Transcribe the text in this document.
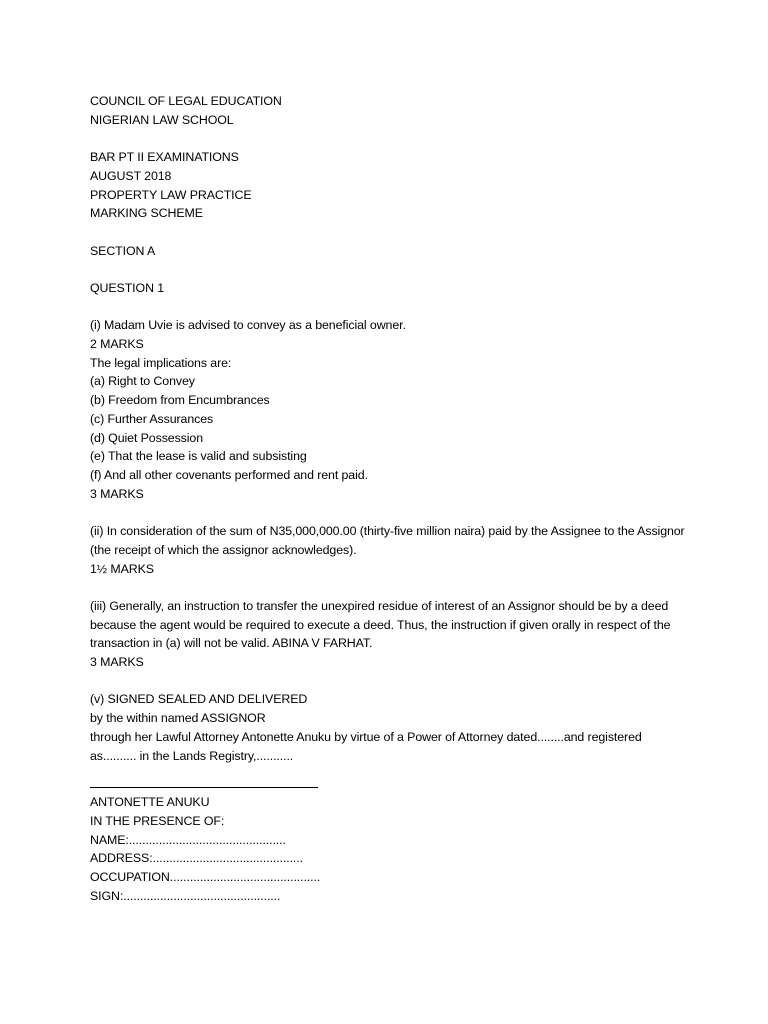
COUNCIL OF LEGAL EDUCATION
NIGERIAN LAW SCHOOL
BAR PT II EXAMINATIONS
AUGUST 2018
PROPERTY LAW PRACTICE
MARKING SCHEME
SECTION A
QUESTION 1
(i) Madam Uvie is advised to convey as a beneficial owner.
2 MARKS
The legal implications are:
(a) Right to Convey
(b) Freedom from Encumbrances
(c) Further Assurances
(d) Quiet Possession
(e) That the lease is valid and subsisting
(f) And all other covenants performed and rent paid.
3 MARKS
(ii) In consideration of the sum of N35,000,000.00 (thirty-five million naira) paid by the Assignee to the Assignor (the receipt of which the assignor acknowledges).
1½ MARKS
(iii) Generally, an instruction to transfer the unexpired residue of interest of an Assignor should be by a deed because the agent would be required to execute a deed. Thus, the instruction if given orally in respect of the transaction in (a) will not be valid. ABINA V FARHAT.
3 MARKS
(v) SIGNED SEALED AND DELIVERED
by the within named ASSIGNOR
through her Lawful Attorney Antonette Anuku by virtue of a Power of Attorney dated........and registered as.......... in the Lands Registry,...........
ANTONETTE ANUKU
IN THE PRESENCE OF:
NAME:...............................................
ADDRESS:.............................................
OCCUPATION.............................................
SIGN:...............................................
